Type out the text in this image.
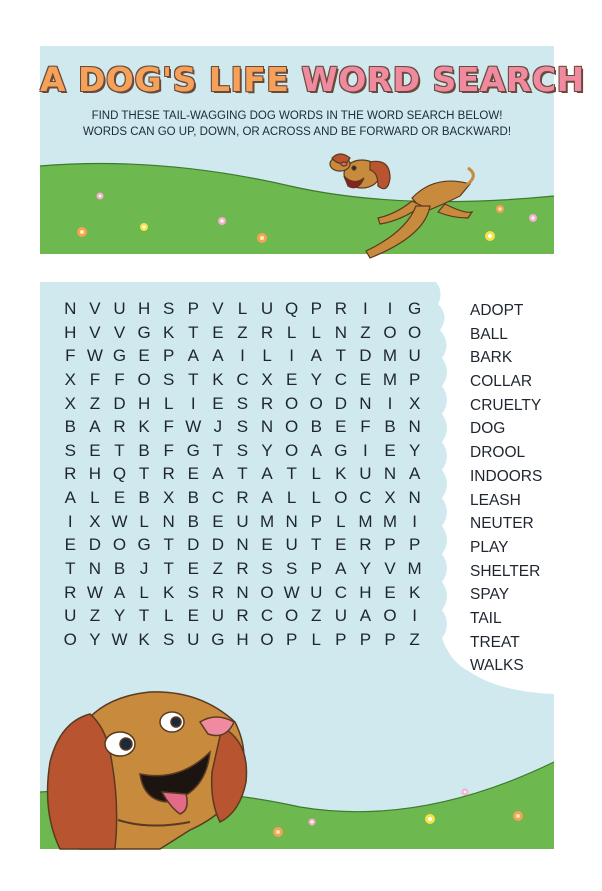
A DOG'S LIFE WORD SEARCH
FIND THESE TAIL-WAGGING DOG WORDS IN THE WORD SEARCH BELOW!
WORDS CAN GO UP, DOWN, OR ACROSS AND BE FORWARD OR BACKWARD!
N V U H S P V L U Q P R I	I G
H V V G K T E Z R L L N Z O O
F W G E P A A I	L	I A T D M U
X F F O S T K C X E Y C E M P
X Z D H L	I E S R O O D N I X
B A R K F W J S N O B E F B N
S E T B F G T S Y O A G I E Y
R H Q T R E A T A T L K U N A
A L E B X B C R A L L O C X N
I X W L N B E U M N P L M M I
E D O G T D D N E U T E R P P
T N B J T E Z R S S P A Y V M
R W A L K S R N O W U C H E K
U Z Y T L E U R C O Z U A O I
O Y W K S U G H O P L P P P Z
ADOPT
BALL
BARK
COLLAR
CRUELTY
DOG
DROOL
INDOORS
LEASH
NEUTER
PLAY
SHELTER
SPAY
TAIL
TREAT
WALKS
